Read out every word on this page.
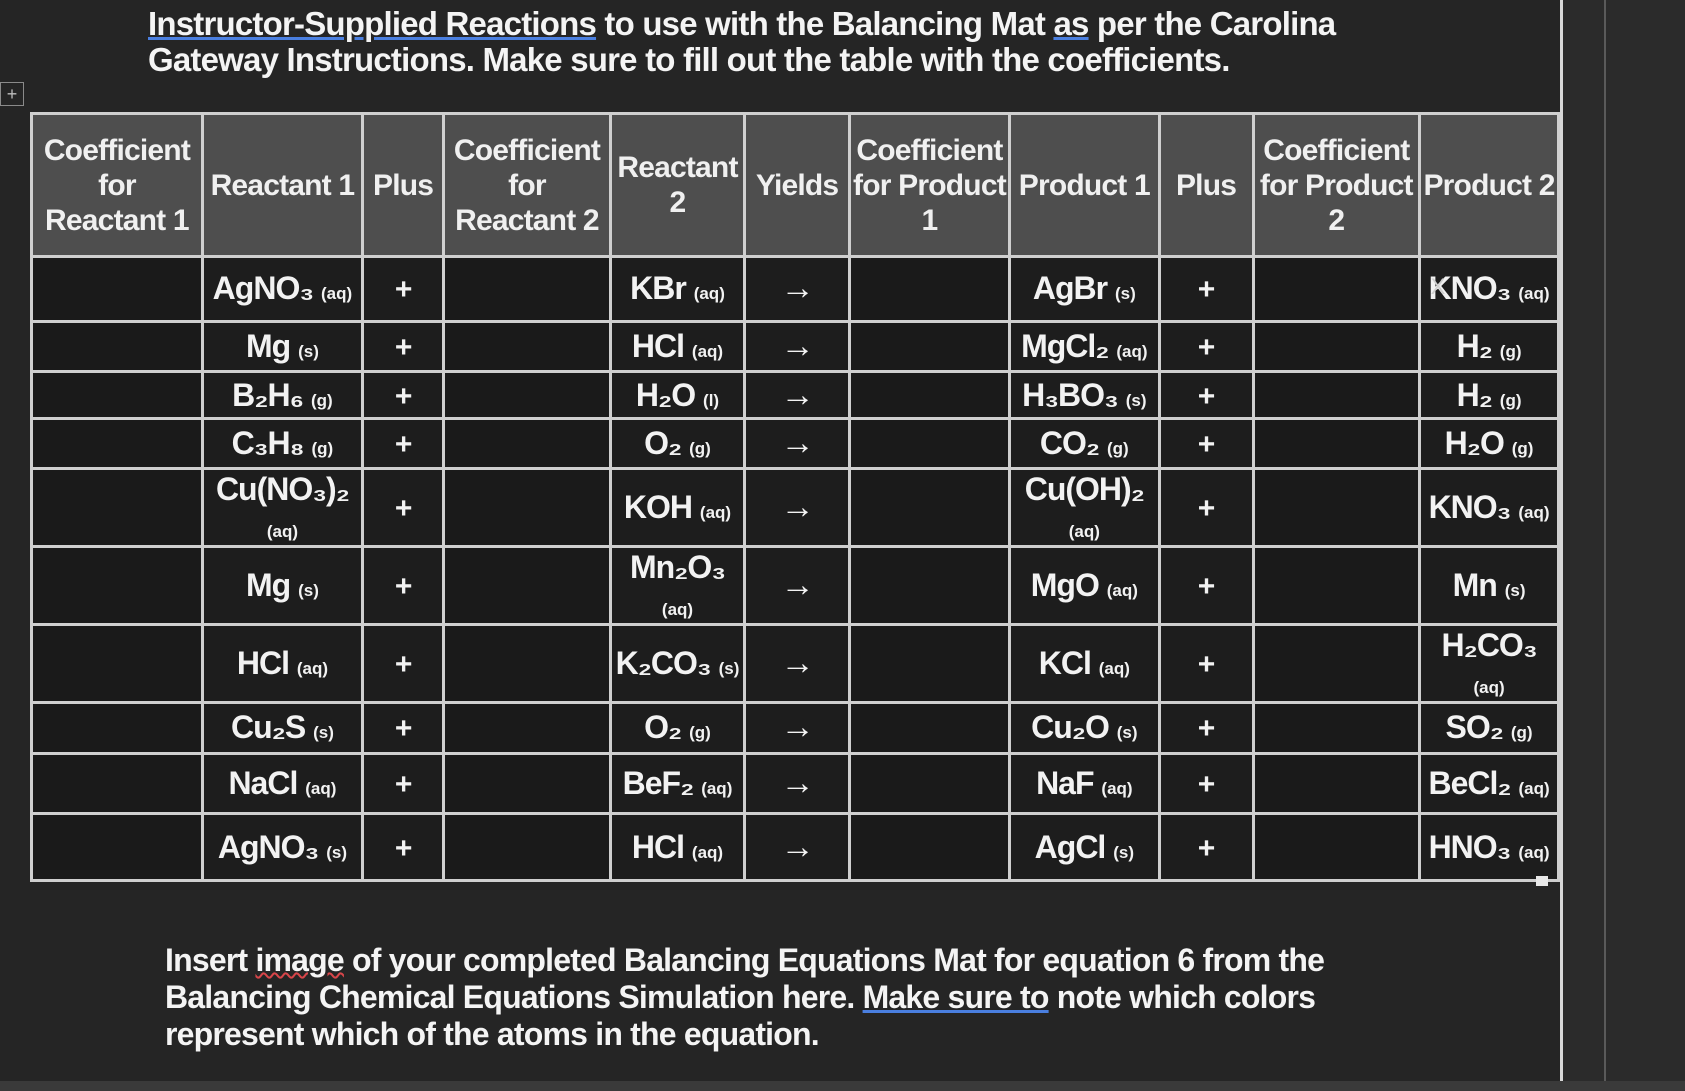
Instructor-Supplied Reactions to use with the Balancing Mat as per the Carolina Gateway Instructions. Make sure to fill out the table with the coefficients.
+
Coefficient for Reactant 1	Reactant 1	Plus	Coefficient for Reactant 2	Reactant 2	Yields	Coefficient for Product 1	Product 1	Plus	Coefficient for Product 2	Product 2
	AgNO₃ (aq)	+		KBr (aq)	→		AgBr (s)	+		KNO₃ X (aq)
	Mg (s)	+		HCl (aq)	→		MgCl₂ (aq)	+		H₂ (g)
	B₂H₆ (g)	+		H₂O (l)	→		H₃BO₃ (s)	+		H₂ (g)
	C₃H₈ (g)	+		O₂ (g)	→		CO₂ (g)	+		H₂O (g)
	Cu(NO₃)₂ (aq)	+		KOH (aq)	→		Cu(OH)₂ (aq)	+		KNO₃ (aq)
	Mg (s)	+		Mn₂O₃ (aq)	→		MgO (aq)	+		Mn (s)
	HCl (aq)	+		K₂CO₃ (s)	→		KCl (aq)	+		H₂CO₃ (aq)
	Cu₂S (s)	+		O₂ (g)	→		Cu₂O (s)	+		SO₂ (g)
	NaCl (aq)	+		BeF₂ (aq)	→		NaF (aq)	+		BeCl₂ (aq)
	AgNO₃ (s)	+		HCl (aq)	→		AgCl (s)	+		HNO₃ (aq)
Insert image of your completed Balancing Equations Mat for equation 6 from the Balancing Chemical Equations Simulation here. Make sure to note which colors represent which of the atoms in the equation.
